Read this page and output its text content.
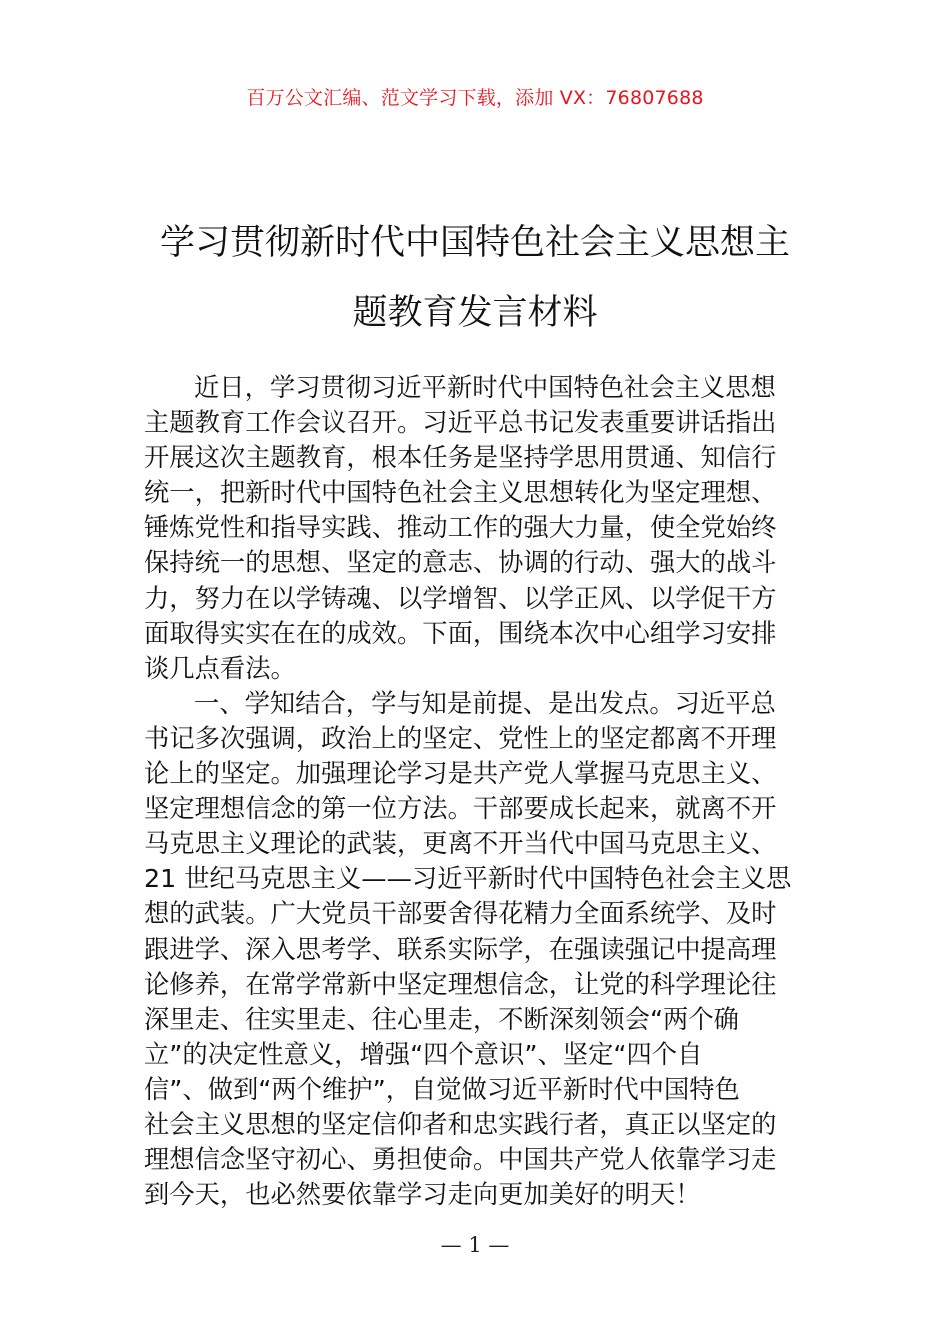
百万公文汇编、范文学习下载，添加 VX：76807688
学习贯彻新时代中国特色社会主义思想主
题教育发言材料
近日，学习贯彻习近平新时代中国特色社会主义思想
主题教育工作会议召开。习近平总书记发表重要讲话指出
开展这次主题教育，根本任务是坚持学思用贯通、知信行
统一，把新时代中国特色社会主义思想转化为坚定理想、
锤炼党性和指导实践、推动工作的强大力量，使全党始终
保持统一的思想、坚定的意志、协调的行动、强大的战斗
力，努力在以学铸魂、以学增智、以学正风、以学促干方
面取得实实在在的成效。下面，围绕本次中心组学习安排
谈几点看法。
一、学知结合，学与知是前提、是出发点。习近平总
书记多次强调，政治上的坚定、党性上的坚定都离不开理
论上的坚定。加强理论学习是共产党人掌握马克思主义、
坚定理想信念的第一位方法。干部要成长起来，就离不开
马克思主义理论的武装，更离不开当代中国马克思主义、
21 世纪马克思主义——习近平新时代中国特色社会主义思
想的武装。广大党员干部要舍得花精力全面系统学、及时
跟进学、深入思考学、联系实际学，在强读强记中提高理
论修养，在常学常新中坚定理想信念，让党的科学理论往
深里走、往实里走、往心里走，不断深刻领会“两个确
立”的决定性意义，增强“四个意识”、坚定“四个自
信”、做到“两个维护”，自觉做习近平新时代中国特色
社会主义思想的坚定信仰者和忠实践行者，真正以坚定的
理想信念坚守初心、勇担使命。中国共产党人依靠学习走
到今天，也必然要依靠学习走向更加美好的明天！
— 1 —
